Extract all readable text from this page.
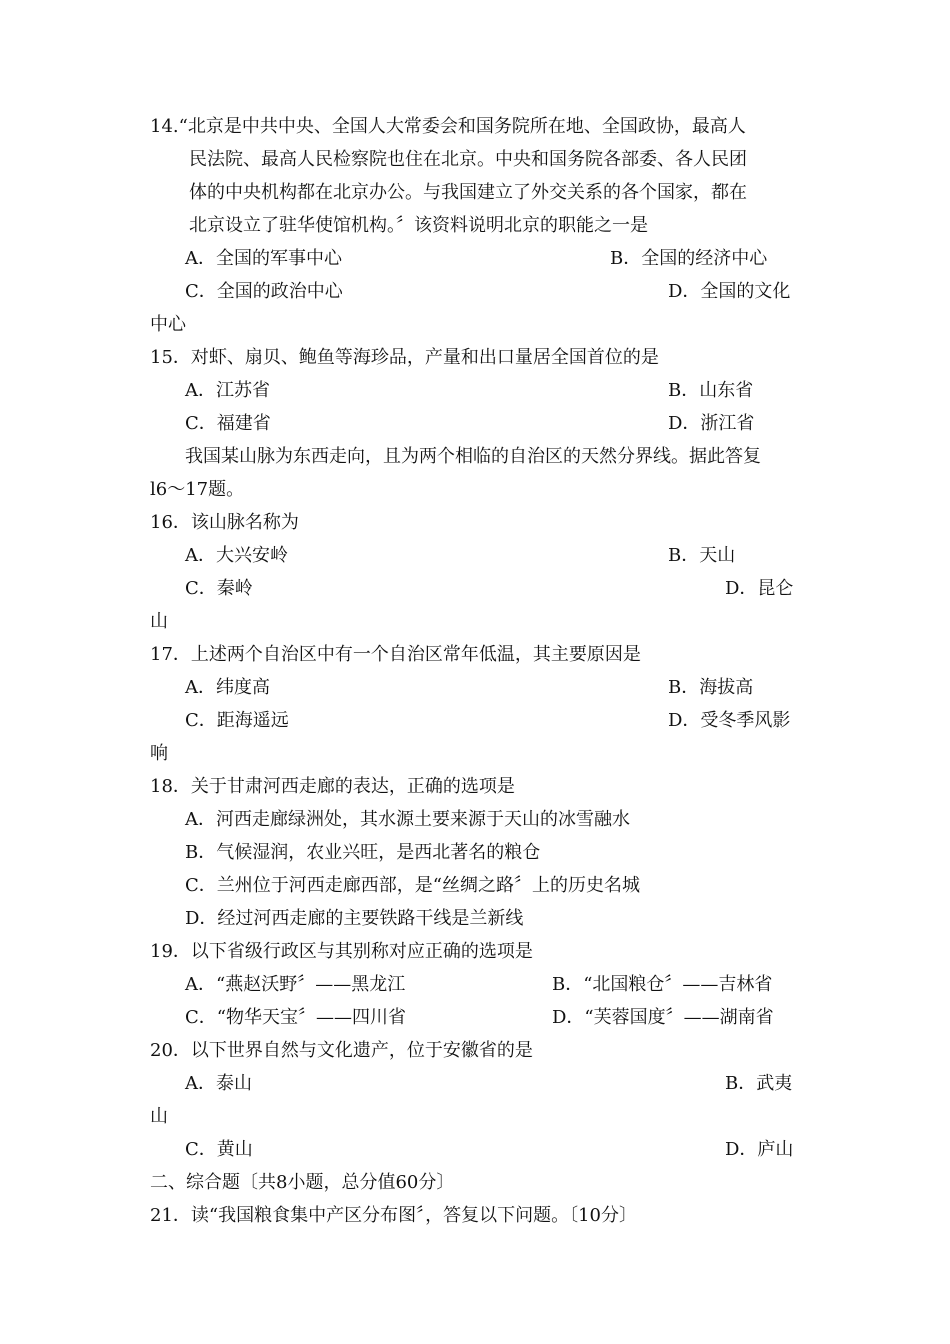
14.“北京是中共中央、全国人大常委会和国务院所在地、全国政协，最高人
民法院、最高人民检察院也住在北京。中央和国务院各部委、各人民团
体的中央机构都在北京办公。与我国建立了外交关系的各个国家，都在
北京设立了驻华使馆机构。〞该资料说明北京的职能之一是
A．全国的军事中心	B．全国的经济中心
C．全国的政治中心	D．全国的文化
中心
15．对虾、扇贝、鲍鱼等海珍品，产量和出口量居全国首位的是
A．江苏省	B．山东省
C．福建省	D．浙江省
我国某山脉为东西走向，且为两个相临的自治区的天然分界线。据此答复
l6～17题。
16．该山脉名称为
A．大兴安岭	B．天山
C．秦岭	D．昆仑
山
17．上述两个自治区中有一个自治区常年低温，其主要原因是
A．纬度高	B．海拔高
C．距海遥远	D．受冬季风影
响
18．关于甘肃河西走廊的表达，正确的选项是
A．河西走廊绿洲处，其水源土要来源于天山的冰雪融水
B．气候湿润，农业兴旺，是西北著名的粮仓
C．兰州位于河西走廊西部，是“丝绸之路〞上的历史名城
D．经过河西走廊的主要铁路干线是兰新线
19．以下省级行政区与其别称对应正确的选项是
A．“燕赵沃野〞——黑龙江	B．“北国粮仓〞——吉林省
C．“物华天宝〞——四川省	D．“芙蓉国度〞——湖南省
20．以下世界自然与文化遗产，位于安徽省的是
A．泰山	B．武夷
山
C．黄山	D．庐山
二、综合题〔共8小题，总分值60分〕
21．读“我国粮食集中产区分布图〞，答复以下问题。〔10分〕
